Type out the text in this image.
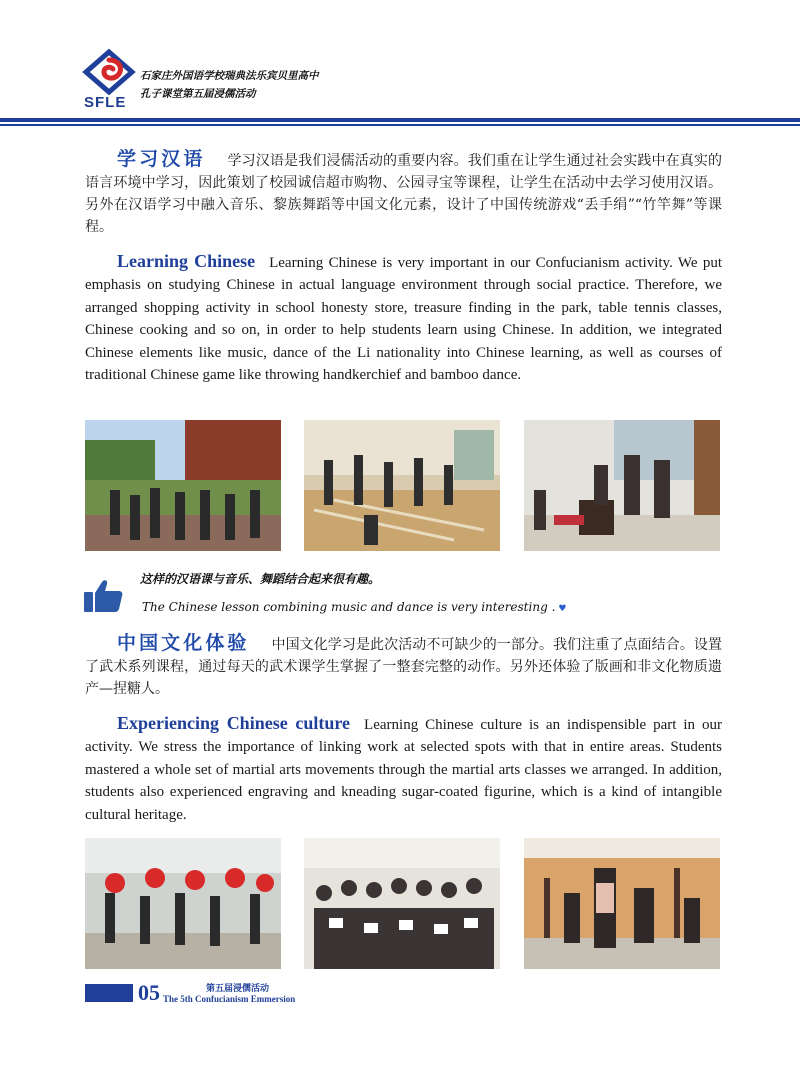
SFLE
石家庄外国语学校瑞典法乐宾贝里高中
孔子课堂第五届浸儒活动
学习汉语 学习汉语是我们浸儒活动的重要内容。我们重在让学生通过社会实践中在真实的语言环境中学习，因此策划了校园诚信超市购物、公园寻宝等课程，让学生在活动中去学习使用汉语。另外在汉语学习中融入音乐、黎族舞蹈等中国文化元素，设计了中国传统游戏“丢手绢”“竹竿舞”等课程。
Learning Chinese Learning Chinese is very important in our Confucianism activity. We put emphasis on studying Chinese in actual language environment through social practice. Therefore, we arranged shopping activity in school honesty store, treasure finding in the park, table tennis classes, Chinese cooking and so on, in order to help students learn using Chinese. In addition, we integrated Chinese elements like music, dance of the Li nationality into Chinese learning, as well as courses of traditional Chinese game like throwing handkerchief and bamboo dance.
这样的汉语课与音乐、舞蹈结合起来很有趣。
The Chinese lesson combining music and dance is very interesting . ♥
中国文化体验 中国文化学习是此次活动不可缺少的一部分。我们注重了点面结合。设置了武术系列课程，通过每天的武术课学生掌握了一整套完整的动作。另外还体验了版画和非文化物质遗产—捏糖人。
Experiencing Chinese culture Learning Chinese culture is an indispensible part in our activity. We stress the importance of linking work at selected spots with that in entire areas. Students mastered a whole set of martial arts movements through the martial arts classes we arranged. In addition, students also experienced engraving and kneading sugar-coated figurine, which is a kind of intangible cultural heritage.
05	第五届浸儒活动
The 5th Confucianism Emmersion
